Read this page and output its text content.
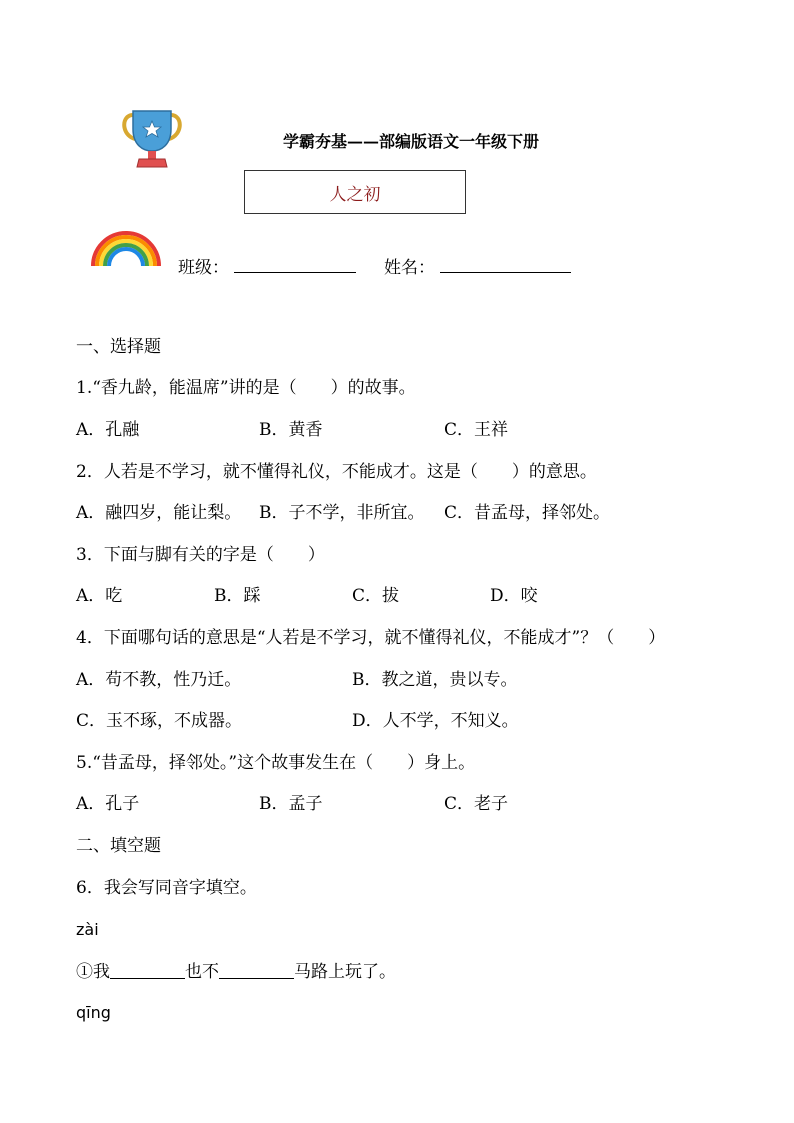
学霸夯基——部编版语文一年级下册
人之初
班级：	姓名：
一、选择题
1.“香九龄，能温席”讲的是（　　）的故事。
A．孔融	B．黄香	C．王祥
2．人若是不学习，就不懂得礼仪，不能成才。这是（　　）的意思。
A．融四岁，能让梨。 B．子不学，非所宜。 C．昔孟母，择邻处。
3．下面与脚有关的字是（　　）
A．吃	B．踩	C．拔	D．咬
4．下面哪句话的意思是“人若是不学习，就不懂得礼仪，不能成才”？（　　）
A．苟不教，性乃迁。	B．教之道，贵以专。
C．玉不琢，不成器。	D．人不学，不知义。
5.“昔孟母，择邻处。”这个故事发生在（　　）身上。
A．孔子	B．孟子	C．老子
二、填空题
6．我会写同音字填空。
zài
①我	也不	马路上玩了。
qīng
